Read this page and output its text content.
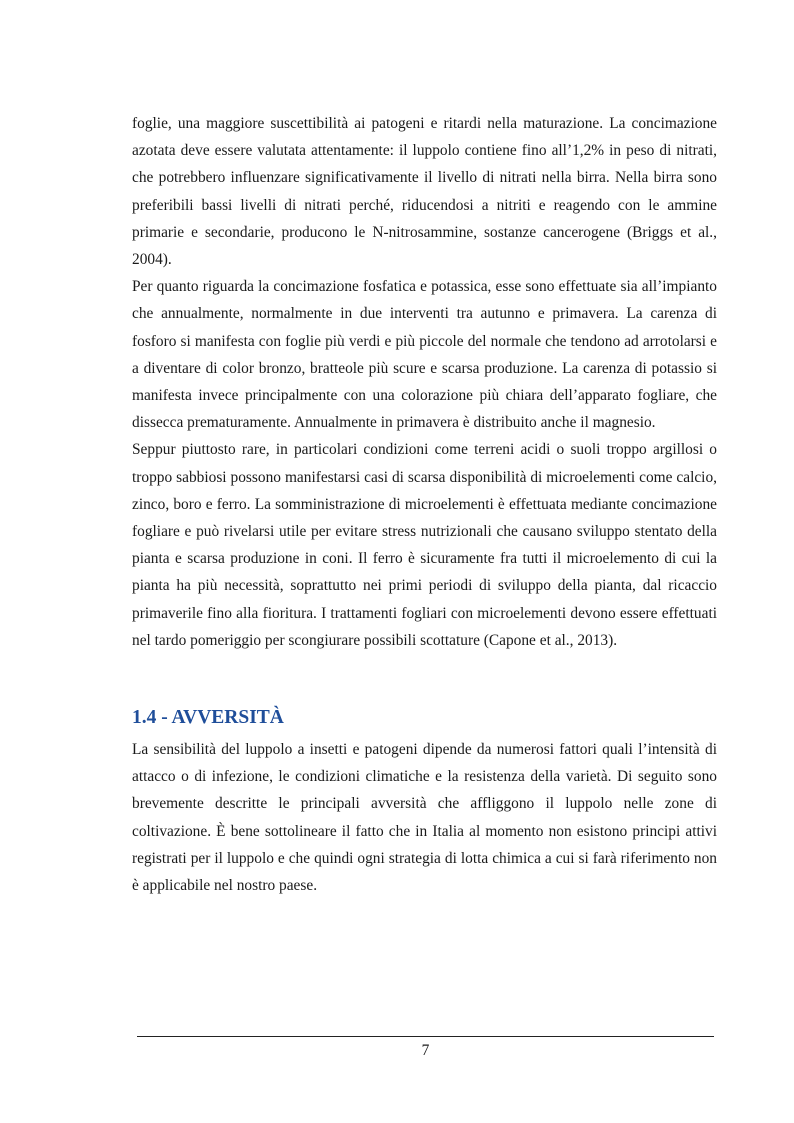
foglie, una maggiore suscettibilità ai patogeni e ritardi nella maturazione. La concimazione azotata deve essere valutata attentamente: il luppolo contiene fino all’1,2% in peso di nitrati, che potrebbero influenzare significativamente il livello di nitrati nella birra. Nella birra sono preferibili bassi livelli di nitrati perché, riducendosi a nitriti e reagendo con le ammine primarie e secondarie, producono le N-nitrosammine, sostanze cancerogene (Briggs et al., 2004).

Per quanto riguarda la concimazione fosfatica e potassica, esse sono effettuate sia all’impianto che annualmente, normalmente in due interventi tra autunno e primavera. La carenza di fosforo si manifesta con foglie più verdi e più piccole del normale che tendono ad arrotolarsi e a diventare di color bronzo, bratteole più scure e scarsa produzione. La carenza di potassio si manifesta invece principalmente con una colorazione più chiara dell’apparato fogliare, che dissecca prematuramente. Annualmente in primavera è distribuito anche il magnesio.

Seppur piuttosto rare, in particolari condizioni come terreni acidi o suoli troppo argillosi o troppo sabbiosi possono manifestarsi casi di scarsa disponibilità di microelementi come calcio, zinco, boro e ferro. La somministrazione di microelementi è effettuata mediante concimazione fogliare e può rivelarsi utile per evitare stress nutrizionali che causano sviluppo stentato della pianta e scarsa produzione in coni. Il ferro è sicuramente fra tutti il microelemento di cui la pianta ha più necessità, soprattutto nei primi periodi di sviluppo della pianta, dal ricaccio primaverile fino alla fioritura. I trattamenti fogliari con microelementi devono essere effettuati nel tardo pomeriggio per scongiurare possibili scottature (Capone et al., 2013).

1.4 - AVVERSITÀ

La sensibilità del luppolo a insetti e patogeni dipende da numerosi fattori quali l’intensità di attacco o di infezione, le condizioni climatiche e la resistenza della varietà. Di seguito sono brevemente descritte le principali avversità che affliggono il luppolo nelle zone di coltivazione. È bene sottolineare il fatto che in Italia al momento non esistono principi attivi registrati per il luppolo e che quindi ogni strategia di lotta chimica a cui si farà riferimento non è applicabile nel nostro paese.

7
